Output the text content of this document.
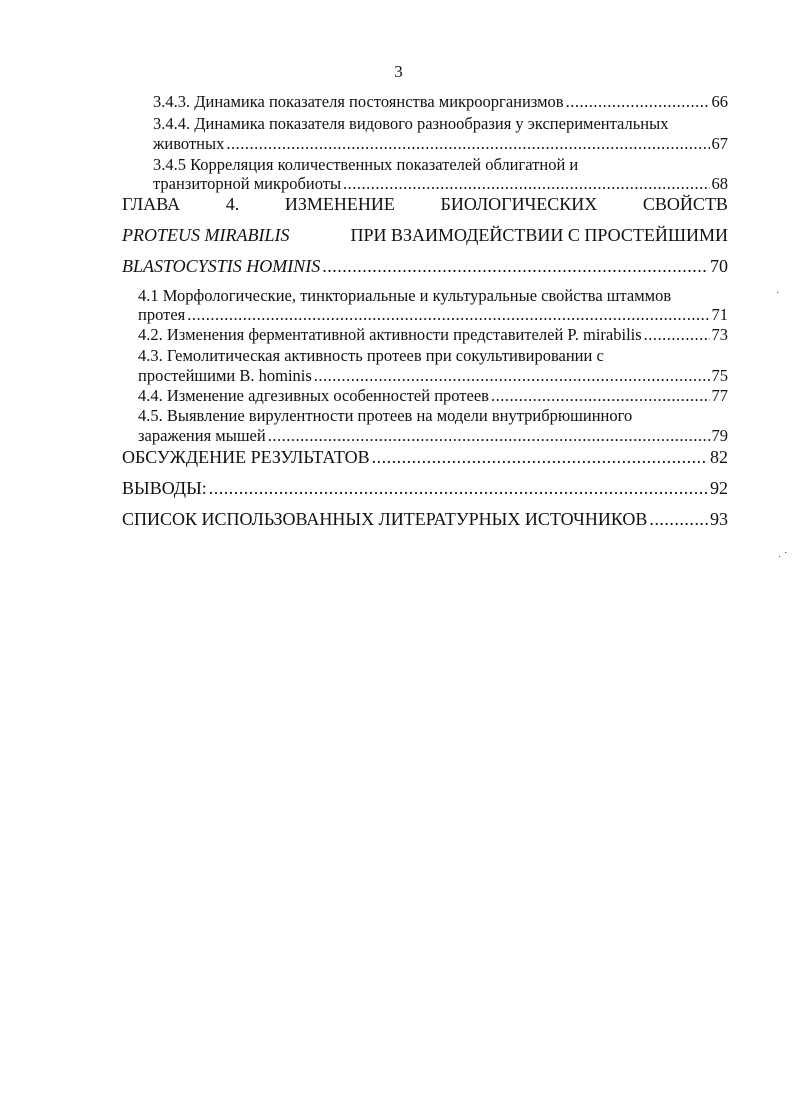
3
3.4.3. Динамика показателя постоянства микроорганизмов .....	66
3.4.4. Динамика показателя видового разнообразия у экспериментальных
животных .....	67
3.4.5 Корреляция количественных показателей облигатной и
транзиторной микробиоты .....	68
ГЛАВА	4.	ИЗМЕНЕНИЕ	БИОЛОГИЧЕСКИХ	СВОЙСТВ
PROTEUS MIRABILIS	ПРИ ВЗАИМОДЕЙСТВИИ С ПРОСТЕЙШИМИ
BLASTOCYSTIS HOMINIS .....	70
4.1 Морфологические, тинкториальные и культуральные свойства штаммов
протея .....	71
4.2. Изменения ферментативной активности представителей P. mirabilis .....	73
4.3. Гемолитическая активность протеев при сокультивировании с
простейшими B. hominis .....	75
4.4. Изменение адгезивных особенностей протеев .....	77
4.5. Выявление вирулентности протеев на модели внутрибрюшинного
заражения мышей .....	79
ОБСУЖДЕНИЕ РЕЗУЛЬТАТОВ .....	82
ВЫВОДЫ: .....	92
СПИСОК ИСПОЛЬЗОВАННЫХ ЛИТЕРАТУРНЫХ ИСТОЧНИКОВ .....	93
·
· ·
